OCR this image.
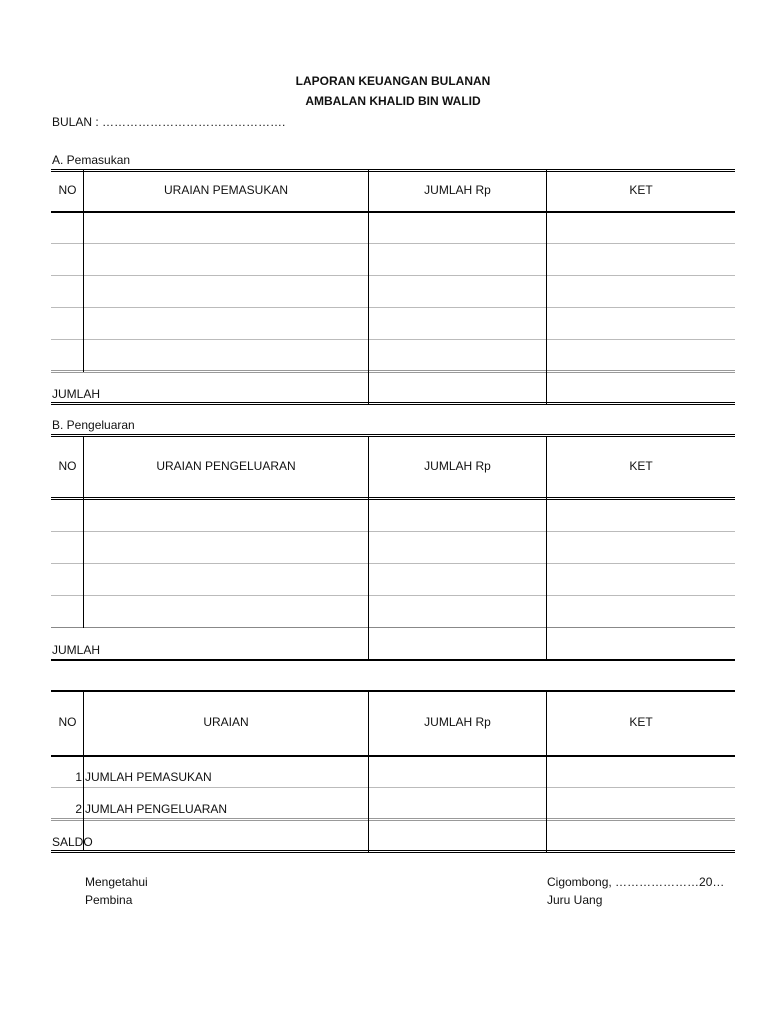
LAPORAN KEUANGAN BULANAN
AMBALAN KHALID BIN WALID
BULAN : ……………………………………….
A. Pemasukan
NO	URAIAN PEMASUKAN	JUMLAH Rp	KET
JUMLAH
B. Pengeluaran
NO	URAIAN PENGELUARAN	JUMLAH Rp	KET
JUMLAH
NO	URAIAN	JUMLAH Rp	KET
1 JUMLAH PEMASUKAN
2 JUMLAH PENGELUARAN
SALDO
Mengetahui
Pembina
Cigombong, …………………20…
Juru Uang
